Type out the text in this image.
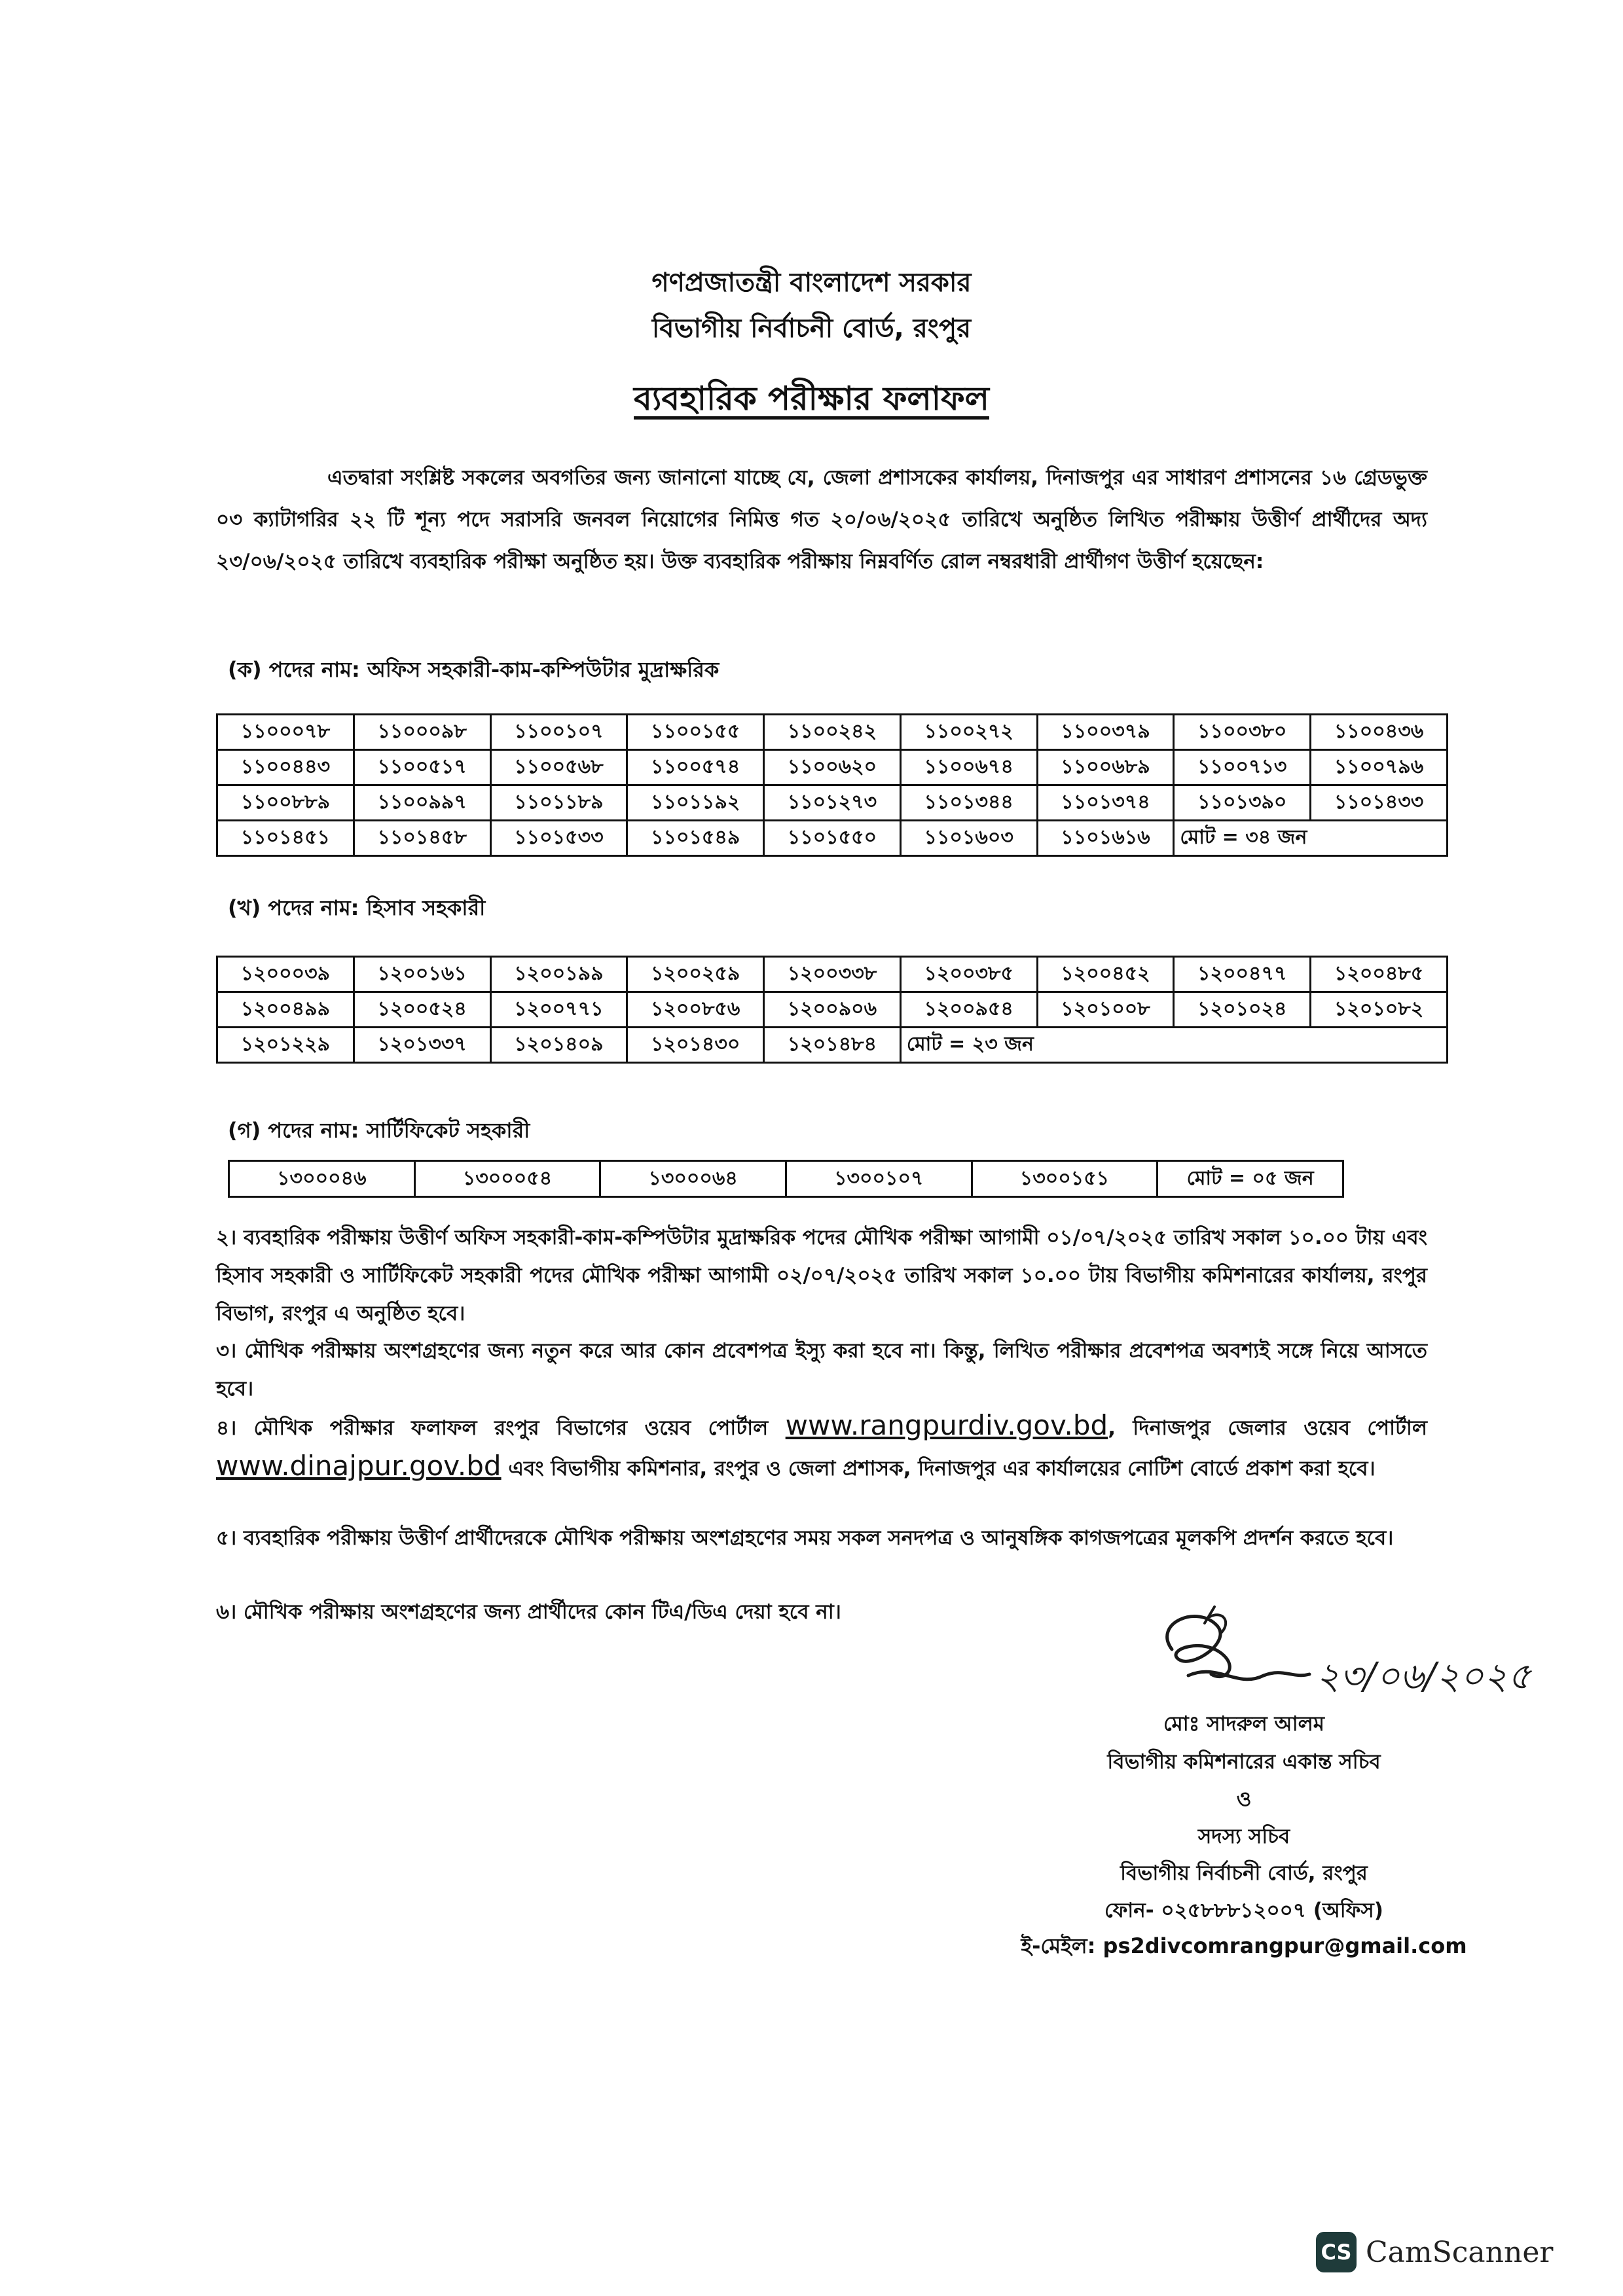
গণপ্রজাতন্ত্রী বাংলাদেশ সরকার
বিভাগীয় নির্বাচনী বোর্ড, রংপুর
ব্যবহারিক পরীক্ষার ফলাফল
এতদ্বারা সংশ্লিষ্ট সকলের অবগতির জন্য জানানো যাচ্ছে যে, জেলা প্রশাসকের কার্যালয়, দিনাজপুর এর সাধারণ প্রশাসনের ১৬ গ্রেডভুক্ত ০৩ ক্যাটাগরির ২২ টি শূন্য পদে সরাসরি জনবল নিয়োগের নিমিত্ত গত ২০/০৬/২০২৫ তারিখে অনুষ্ঠিত লিখিত পরীক্ষায় উত্তীর্ণ প্রার্থীদের অদ্য ২৩/০৬/২০২৫ তারিখে ব্যবহারিক পরীক্ষা অনুষ্ঠিত হয়। উক্ত ব্যবহারিক পরীক্ষায় নিম্নবর্ণিত রোল নম্বরধারী প্রার্থীগণ উত্তীর্ণ হয়েছেন:
(ক) পদের নাম: অফিস সহকারী-কাম-কম্পিউটার মুদ্রাক্ষরিক
১১০০০৭৮	১১০০০৯৮	১১০০১০৭	১১০০১৫৫	১১০০২৪২	১১০০২৭২	১১০০৩৭৯	১১০০৩৮০	১১০০৪৩৬
১১০০৪৪৩	১১০০৫১৭	১১০০৫৬৮	১১০০৫৭৪	১১০০৬২০	১১০০৬৭৪	১১০০৬৮৯	১১০০৭১৩	১১০০৭৯৬
১১০০৮৮৯	১১০০৯৯৭	১১০১১৮৯	১১০১১৯২	১১০১২৭৩	১১০১৩৪৪	১১০১৩৭৪	১১০১৩৯০	১১০১৪৩৩
১১০১৪৫১	১১০১৪৫৮	১১০১৫৩৩	১১০১৫৪৯	১১০১৫৫০	১১০১৬০৩	১১০১৬১৬	মোট = ৩৪ জন	
(খ) পদের নাম: হিসাব সহকারী
১২০০০৩৯	১২০০১৬১	১২০০১৯৯	১২০০২৫৯	১২০০৩৩৮	১২০০৩৮৫	১২০০৪৫২	১২০০৪৭৭	১২০০৪৮৫
১২০০৪৯৯	১২০০৫২৪	১২০০৭৭১	১২০০৮৫৬	১২০০৯০৬	১২০০৯৫৪	১২০১০০৮	১২০১০২৪	১২০১০৮২
১২০১২২৯	১২০১৩৩৭	১২০১৪০৯	১২০১৪৩০	১২০১৪৮৪	মোট = ২৩ জন			
(গ) পদের নাম: সার্টিফিকেট সহকারী
১৩০০০৪৬	১৩০০০৫৪	১৩০০০৬৪	১৩০০১০৭	১৩০০১৫১	মোট = ০৫ জন
২। ব্যবহারিক পরীক্ষায় উত্তীর্ণ অফিস সহকারী-কাম-কম্পিউটার মুদ্রাক্ষরিক পদের মৌখিক পরীক্ষা আগামী ০১/০৭/২০২৫ তারিখ সকাল ১০.০০ টায় এবং হিসাব সহকারী ও সার্টিফিকেট সহকারী পদের মৌখিক পরীক্ষা আগামী ০২/০৭/২০২৫ তারিখ সকাল ১০.০০ টায় বিভাগীয় কমিশনারের কার্যালয়, রংপুর বিভাগ, রংপুর এ অনুষ্ঠিত হবে।
৩। মৌখিক পরীক্ষায় অংশগ্রহণের জন্য নতুন করে আর কোন প্রবেশপত্র ইস্যু করা হবে না। কিন্তু, লিখিত পরীক্ষার প্রবেশপত্র অবশ্যই সঙ্গে নিয়ে আসতে হবে।
৪। মৌখিক পরীক্ষার ফলাফল রংপুর বিভাগের ওয়েব পোর্টাল www.rangpurdiv.gov.bd, দিনাজপুর জেলার ওয়েব পোর্টাল www.dinajpur.gov.bd এবং বিভাগীয় কমিশনার, রংপুর ও জেলা প্রশাসক, দিনাজপুর এর কার্যালয়ের নোটিশ বোর্ডে প্রকাশ করা হবে।
৫। ব্যবহারিক পরীক্ষায় উত্তীর্ণ প্রার্থীদেরকে মৌখিক পরীক্ষায় অংশগ্রহণের সময় সকল সনদপত্র ও আনুষঙ্গিক কাগজপত্রের মূলকপি প্রদর্শন করতে হবে।
৬। মৌখিক পরীক্ষায় অংশগ্রহণের জন্য প্রার্থীদের কোন টিএ/ডিএ দেয়া হবে না।
২৩/০৬/২০২৫
মোঃ সাদরুল আলম
বিভাগীয় কমিশনারের একান্ত সচিব
ও
সদস্য সচিব
বিভাগীয় নির্বাচনী বোর্ড, রংপুর
ফোন- ০২৫৮৮৮১২০০৭ (অফিস)
ই-মেইল: ps2divcomrangpur@gmail.com
CS CamScanner
